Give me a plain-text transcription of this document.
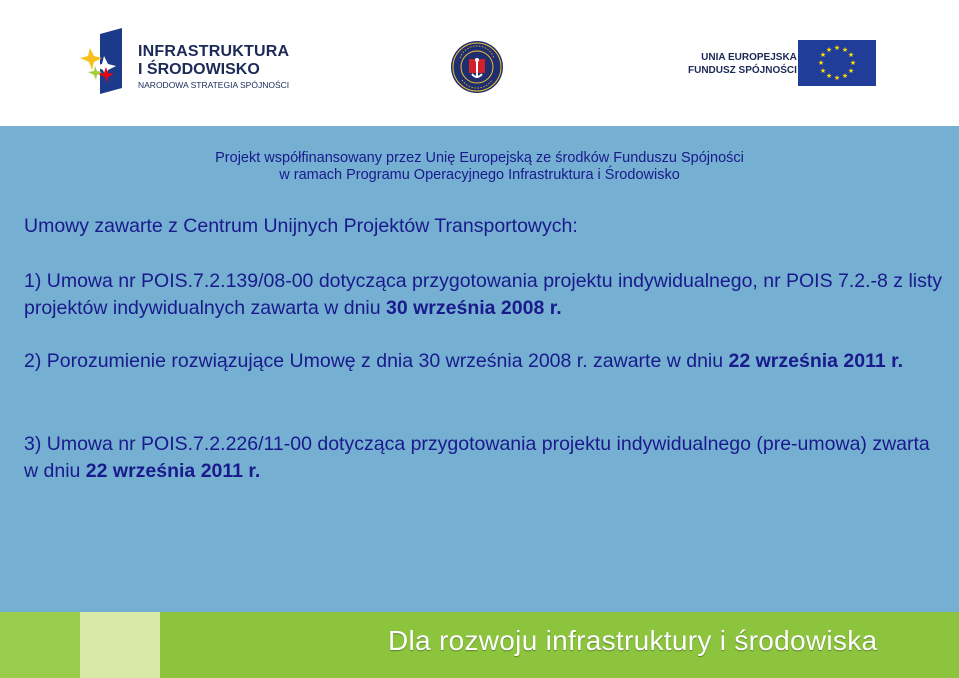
INFRASTRUKTURA
I ŚRODOWISKO
NARODOWA STRATEGIA SPÓJNOŚCI
UNIA EUROPEJSKA
FUNDUSZ SPÓJNOŚCI
★ ★
★
★
★
★
★
★
★
★
★
★
Projekt współfinansowany przez Unię Europejską ze środków Funduszu Spójności
w ramach Programu Operacyjnego Infrastruktura i Środowisko
Umowy zawarte z Centrum Unijnych Projektów Transportowych:
1) Umowa nr POIS.7.2.139/08-00 dotycząca przygotowania projektu indywidualnego, nr POIS 7.2.-8 z listy projektów indywidualnych zawarta w dniu 30 września 2008 r.
2) Porozumienie rozwiązujące Umowę z dnia 30 września 2008 r. zawarte w dniu 22 września 2011 r.
3) Umowa nr POIS.7.2.226/11-00 dotycząca przygotowania projektu indywidualnego (pre-umowa) zwarta w dniu 22 września 2011 r.
Dla rozwoju infrastruktury i środowiska
